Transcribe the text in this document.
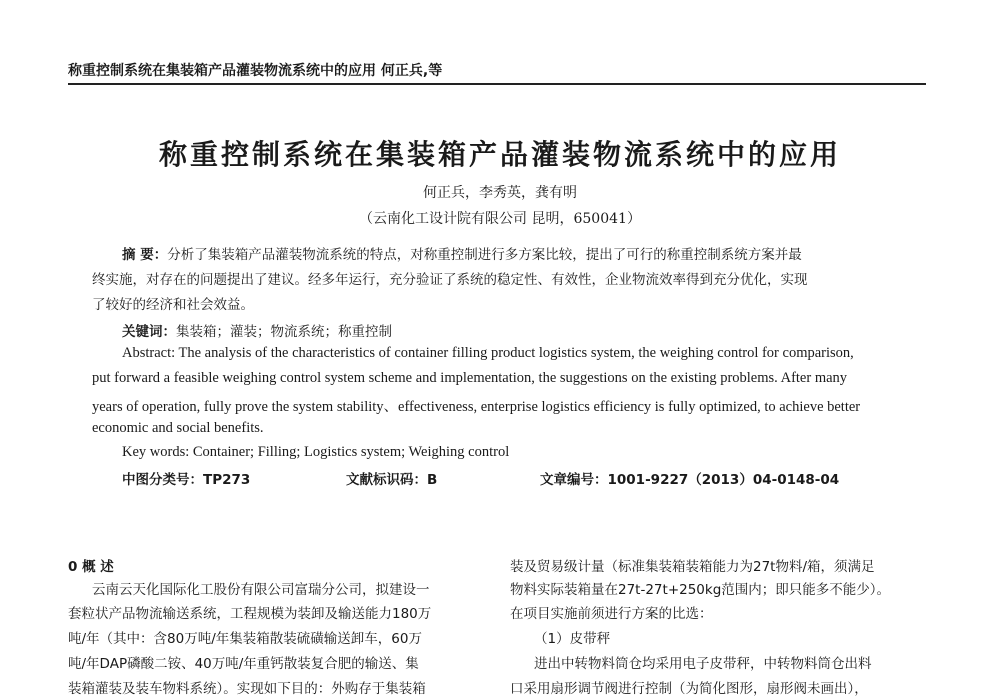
称重控制系统在集装箱产品灌装物流系统中的应用 何正兵,等
称重控制系统在集装箱产品灌装物流系统中的应用
何正兵，李秀英，龚有明
（云南化工设计院有限公司 昆明，650041）
摘 要：分析了集装箱产品灌装物流系统的特点，对称重控制进行多方案比较，提出了可行的称重控制系统方案并最
终实施，对存在的问题提出了建议。经多年运行，充分验证了系统的稳定性、有效性，企业物流效率得到充分优化，实现
了较好的经济和社会效益。
关键词：集装箱；灌装；物流系统；称重控制
Abstract: The analysis of the characteristics of container filling product logistics system, the weighing control for comparison,
put forward a feasible weighing control system scheme and implementation, the suggestions on the existing problems. After many
years of operation, fully prove the system stability、effectiveness, enterprise logistics efficiency is fully optimized, to achieve better
economic and social benefits.
Key words: Container; Filling; Logistics system; Weighing control
中图分类号：TP273	文献标识码：B	文章编号：1001-9227（2013）04-0148-04
0 概 述
云南云天化国际化工股份有限公司富瑞分公司，拟建设一
套粒状产品物流输送系统，工程规模为装卸及输送能力180万
吨/年（其中：含80万吨/年集装箱散装硫磺输送卸车，60万
吨/年DAP磷酸二铵、40万吨/年重钙散装复合肥的输送、集
装箱灌装及装车物料系统）。实现如下目的：外购存于集装箱
装及贸易级计量（标准集装箱装箱能力为27t物料/箱，须满足
物料实际装箱量在27t-27t+250kg范围内；即只能多不能少）。
在项目实施前须进行方案的比选：
（1）皮带秤
进出中转物料筒仓均采用电子皮带秤，中转物料筒仓出料
口采用扇形调节阀进行控制（为简化图形，扇形阀未画出），
